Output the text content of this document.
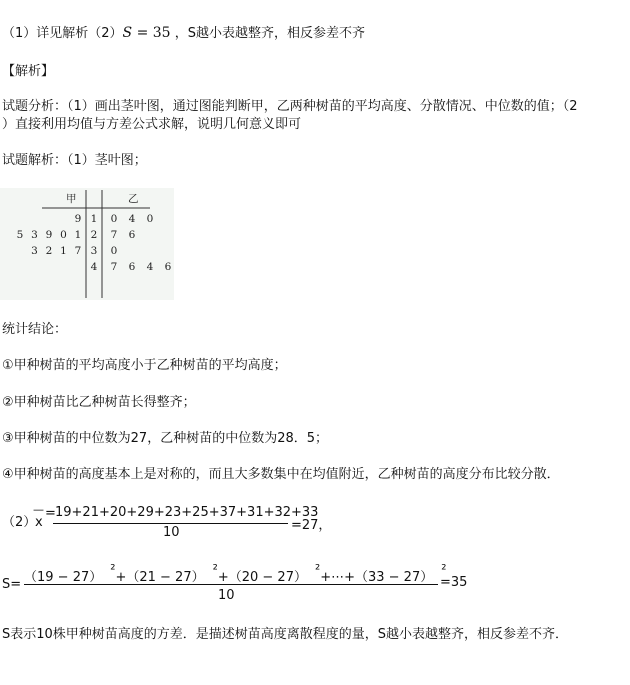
（1）详见解析（2）S = 35 ，S越小表越整齐，相反参差不齐
【解析】
试题分析：（1）画出茎叶图，通过图能判断甲，乙两种树苗的平均高度、分散情况、中位数的值；（2
）直接利用均值与方差公式求解，说明几何意义即可
试题解析：（1）茎叶图；
甲	乙
9 1 0 4 0
5 3 9 0 1 2 7 6
3 2 1 7 3 0
4 7 6 4 6
统计结论：
①甲种树苗的平均高度小于乙种树苗的平均高度；
②甲种树苗比乙种树苗长得整齐；
③甲种树苗的中位数为27，乙种树苗的中位数为28．5；
④甲种树苗的高度基本上是对称的，而且大多数集中在均值附近，乙种树苗的高度分布比较分散．
（2）
—
x
= 19+21+20+29+23+25+37+31+32+33
10	=27，
S= （19 − 27） ²+（21 − 27） ²+（20 − 27） ²+⋯+（33 − 27） ²
10
=35
S表示10株甲种树苗高度的方差．是描述树苗高度离散程度的量，S越小表越整齐，相反参差不齐．
